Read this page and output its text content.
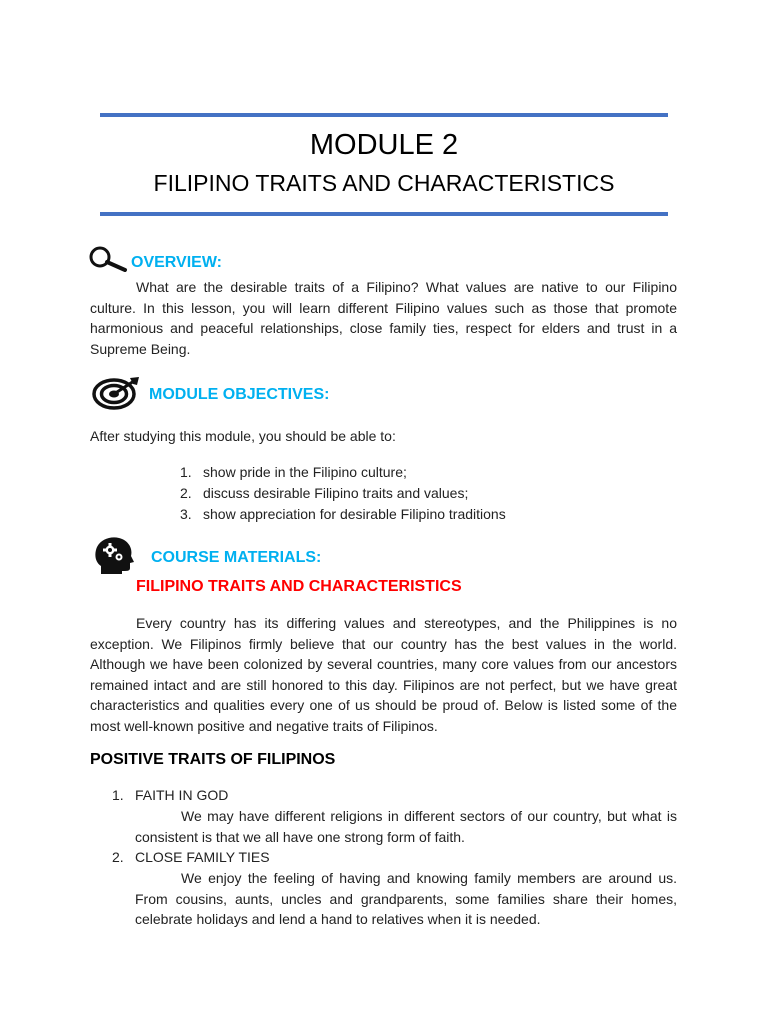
MODULE 2
FILIPINO TRAITS AND CHARACTERISTICS
OVERVIEW:

What are the desirable traits of a Filipino? What values are native to our Filipino culture. In this lesson, you will learn different Filipino values such as those that promote harmonious and peaceful relationships, close family ties, respect for elders and trust in a Supreme Being.

MODULE OBJECTIVES:
After studying this module, you should be able to:
1. show pride in the Filipino culture;
2. discuss desirable Filipino traits and values;
3. show appreciation for desirable Filipino traditions
COURSE MATERIALS:
FILIPINO TRAITS AND CHARACTERISTICS

Every country has its differing values and stereotypes, and the Philippines is no exception. We Filipinos firmly believe that our country has the best values in the world. Although we have been colonized by several countries, many core values from our ancestors remained intact and are still honored to this day. Filipinos are not perfect, but we have great characteristics and qualities every one of us should be proud of. Below is listed some of the most well-known positive and negative traits of Filipinos.

POSITIVE TRAITS OF FILIPINOS
1. FAITH IN GOD

We may have different religions in different sectors of our country, but what is consistent is that we all have one strong form of faith.

2. CLOSE FAMILY TIES

We enjoy the feeling of having and knowing family members are around us. From cousins, aunts, uncles and grandparents, some families share their homes, celebrate holidays and lend a hand to relatives when it is needed.
